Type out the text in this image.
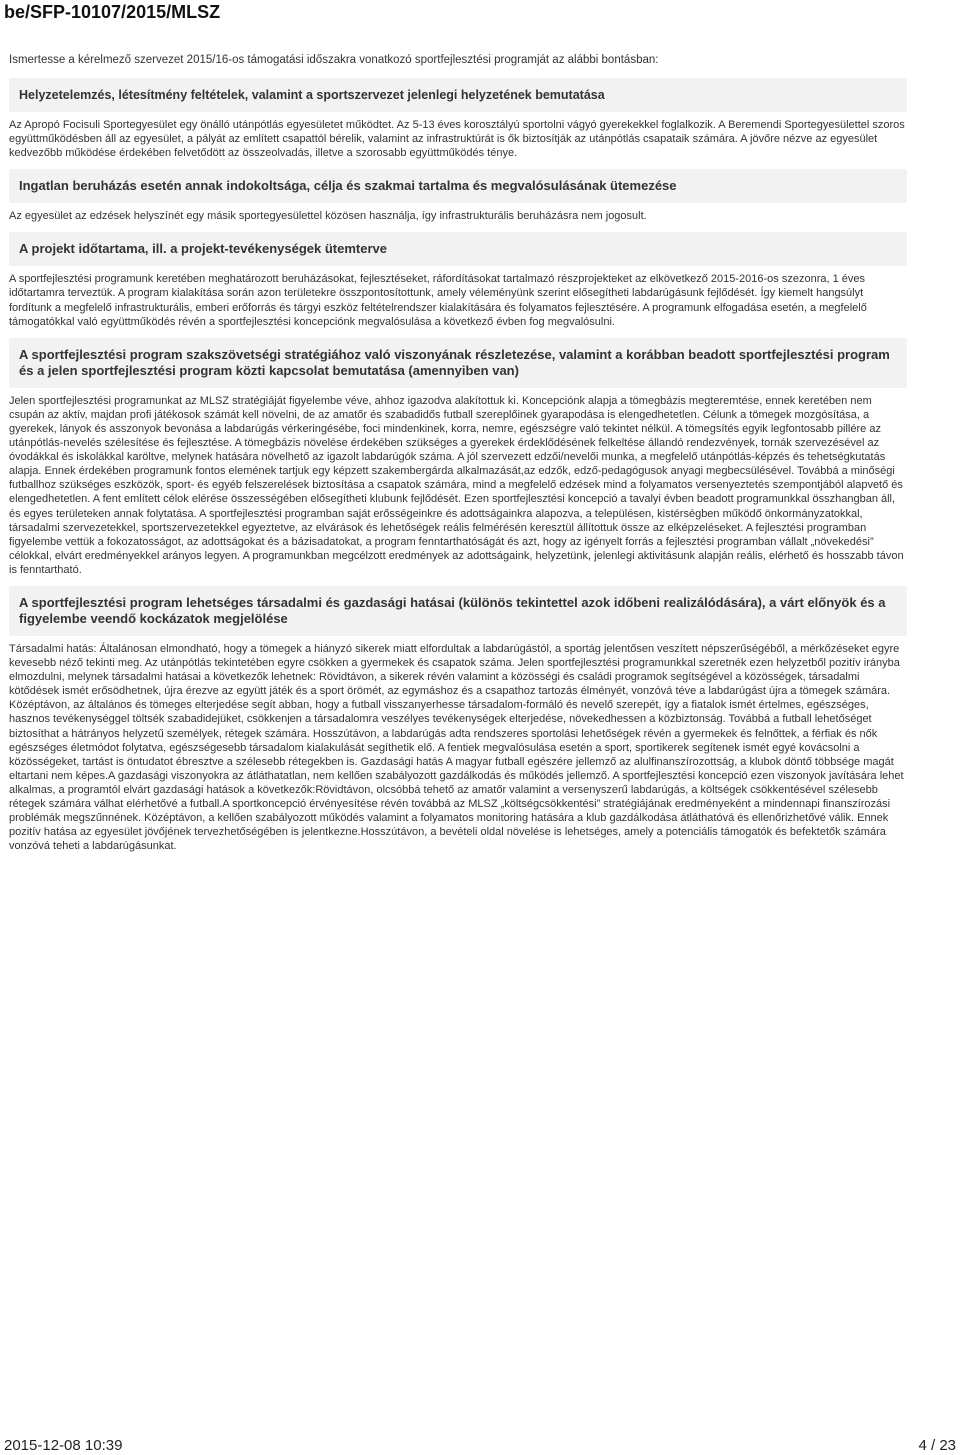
be/SFP-10107/2015/MLSZ
Ismertesse a kérelmező szervezet 2015/16-os támogatási időszakra vonatkozó sportfejlesztési programját az alábbi bontásban:
Helyzetelemzés, létesítmény feltételek, valamint a sportszervezet jelenlegi helyzetének bemutatása
Az Apropó Focisuli Sportegyesület egy önálló utánpótlás egyesületet működtet. Az 5-13 éves korosztályú sportolni vágyó gyerekekkel foglalkozik. A Beremendi Sportegyesülettel szoros együttműködésben áll az egyesület, a pályát az említett csapattól bérelik, valamint az infrastruktúrát is ők biztosítják az utánpótlás csapataik számára. A jövőre nézve az egyesület kedvezőbb működése érdekében felvetődött az összeolvadás, illetve a szorosabb együttműködés ténye.
Ingatlan beruházás esetén annak indokoltsága, célja és szakmai tartalma és megvalósulásának ütemezése
Az egyesület az edzések helyszínét egy másik sportegyesülettel közösen használja, így infrastrukturális beruházásra nem jogosult.
A projekt időtartama, ill. a projekt-tevékenységek ütemterve
A sportfejlesztési programunk keretében meghatározott beruházásokat, fejlesztéseket, ráfordításokat tartalmazó részprojekteket az elkövetkező 2015-2016-os szezonra, 1 éves időtartamra terveztük. A program kialakítása során azon területekre összpontosítottunk, amely véleményünk szerint elősegítheti labdarúgásunk fejlődését. Így kiemelt hangsúlyt fordítunk a megfelelő infrastrukturális, emberi erőforrás és tárgyi eszköz feltételrendszer kialakítására és folyamatos fejlesztésére. A programunk elfogadása esetén, a megfelelő támogatókkal való együttműködés révén a sportfejlesztési koncepciónk megvalósulása a következő évben fog megvalósulni.
A sportfejlesztési program szakszövetségi stratégiához való viszonyának részletezése, valamint a korábban beadott sportfejlesztési program és a jelen sportfejlesztési program közti kapcsolat bemutatása (amennyiben van)
Jelen sportfejlesztési programunkat az MLSZ stratégiáját figyelembe véve, ahhoz igazodva alakítottuk ki. Koncepciónk alapja a tömegbázis megteremtése, ennek keretében nem csupán az aktív, majdan profi játékosok számát kell növelni, de az amatőr és szabadidős futball szereplőinek gyarapodása is elengedhetetlen. Célunk a tömegek mozgósítása, a gyerekek, lányok és asszonyok bevonása a labdarúgás vérkeringésébe, foci mindenkinek, korra, nemre, egészségre való tekintet nélkül. A tömegsítés egyik legfontosabb pillére az utánpótlás-nevelés szélesítése és fejlesztése. A tömegbázis növelése érdekében szükséges a gyerekek érdeklődésének felkeltése állandó rendezvények, tornák szervezésével az óvodákkal és iskolákkal karöltve, melynek hatására növelhető az igazolt labdarúgók száma. A jól szervezett edzői/nevelői munka, a megfelelő utánpótlás-képzés és tehetségkutatás alapja. Ennek érdekében programunk fontos elemének tartjuk egy képzett szakembergárda alkalmazását,az edzők, edző-pedagógusok anyagi megbecsülésével. Továbbá a minőségi futballhoz szükséges eszközök, sport- és egyéb felszerelések biztosítása a csapatok számára, mind a megfelelő edzések mind a folyamatos versenyeztetés szempontjából alapvető és elengedhetetlen. A fent említett célok elérése összességében elősegítheti klubunk fejlődését. Ezen sportfejlesztési koncepció a tavalyi évben beadott programunkkal összhangban áll, és egyes területeken annak folytatása. A sportfejlesztési programban saját erősségeinkre és adottságainkra alapozva, a településen, kistérségben működő önkormányzatokkal, társadalmi szervezetekkel, sportszervezetekkel egyeztetve, az elvárások és lehetőségek reális felmérésén keresztül állítottuk össze az elképzeléseket. A fejlesztési programban figyelembe vettük a fokozatosságot, az adottságokat és a bázisadatokat, a program fenntarthatóságát és azt, hogy az igényelt forrás a fejlesztési programban vállalt „növekedési” célokkal, elvárt eredményekkel arányos legyen. A programunkban megcélzott eredmények az adottságaink, helyzetünk, jelenlegi aktivitásunk alapján reális, elérhető és hosszabb távon is fenntartható.
A sportfejlesztési program lehetséges társadalmi és gazdasági hatásai (különös tekintettel azok időbeni realizálódására), a várt előnyök és a figyelembe veendő kockázatok megjelölése
Társadalmi hatás: Általánosan elmondható, hogy a tömegek a hiányzó sikerek miatt elfordultak a labdarúgástól, a sportág jelentősen veszített népszerűségéből, a mérkőzéseket egyre kevesebb néző tekinti meg. Az utánpótlás tekintetében egyre csökken a gyermekek és csapatok száma. Jelen sportfejlesztési programunkkal szeretnék ezen helyzetből pozitív irányba elmozdulni, melynek társadalmi hatásai a következők lehetnek: Rövidtávon, a sikerek révén valamint a közösségi és családi programok segítségével a közösségek, társadalmi kötődések ismét erősödhetnek, újra érezve az együtt játék és a sport örömét, az egymáshoz és a csapathoz tartozás élményét, vonzóvá téve a labdarúgást újra a tömegek számára. Középtávon, az általános és tömeges elterjedése segít abban, hogy a futball visszanyerhesse társadalom-formáló és nevelő szerepét, így a fiatalok ismét értelmes, egészséges, hasznos tevékenységgel töltsék szabadidejüket, csökkenjen a társadalomra veszélyes tevékenységek elterjedése, növekedhessen a közbiztonság. Továbbá a futball lehetőséget biztosíthat a hátrányos helyzetű személyek, rétegek számára. Hosszútávon, a labdarúgás adta rendszeres sportolási lehetőségek révén a gyermekek és felnőttek, a férfiak és nők egészséges életmódot folytatva, egészségesebb társadalom kialakulását segíthetik elő. A fentiek megvalósulása esetén a sport, sportikerek segítenek ismét egyé kovácsolni a közösségeket, tartást is öntudatot ébresztve a szélesebb rétegekben is. Gazdasági hatás A magyar futball egészére jellemző az alulfinanszírozottság, a klubok döntő többsége magát eltartani nem képes.A gazdasági viszonyokra az átláthatatlan, nem kellően szabályozott gazdálkodás és működés jellemző. A sportfejlesztési koncepció ezen viszonyok javítására lehet alkalmas, a programtól elvárt gazdasági hatások a következők:Rövidtávon, olcsóbbá tehető az amatőr valamint a versenyszerű labdarúgás, a költségek csökkentésével szélesebb rétegek számára válhat elérhetővé a futball.A sportkoncepció érvényesítése révén továbbá az MLSZ „költségcsökkentési” stratégiájának eredményeként a mindennapi finanszírozási problémák megszűnnének. Középtávon, a kellően szabályozott működés valamint a folyamatos monitoring hatására a klub gazdálkodása átláthatóvá és ellenőrizhetővé válik. Ennek pozitív hatása az egyesület jövőjének tervezhetőségében is jelentkezne.Hosszútávon, a bevételi oldal növelése is lehetséges, amely a potenciális támogatók és befektetők számára vonzóvá teheti a labdarúgásunkat.
2015-12-08 10:39	4 / 23
